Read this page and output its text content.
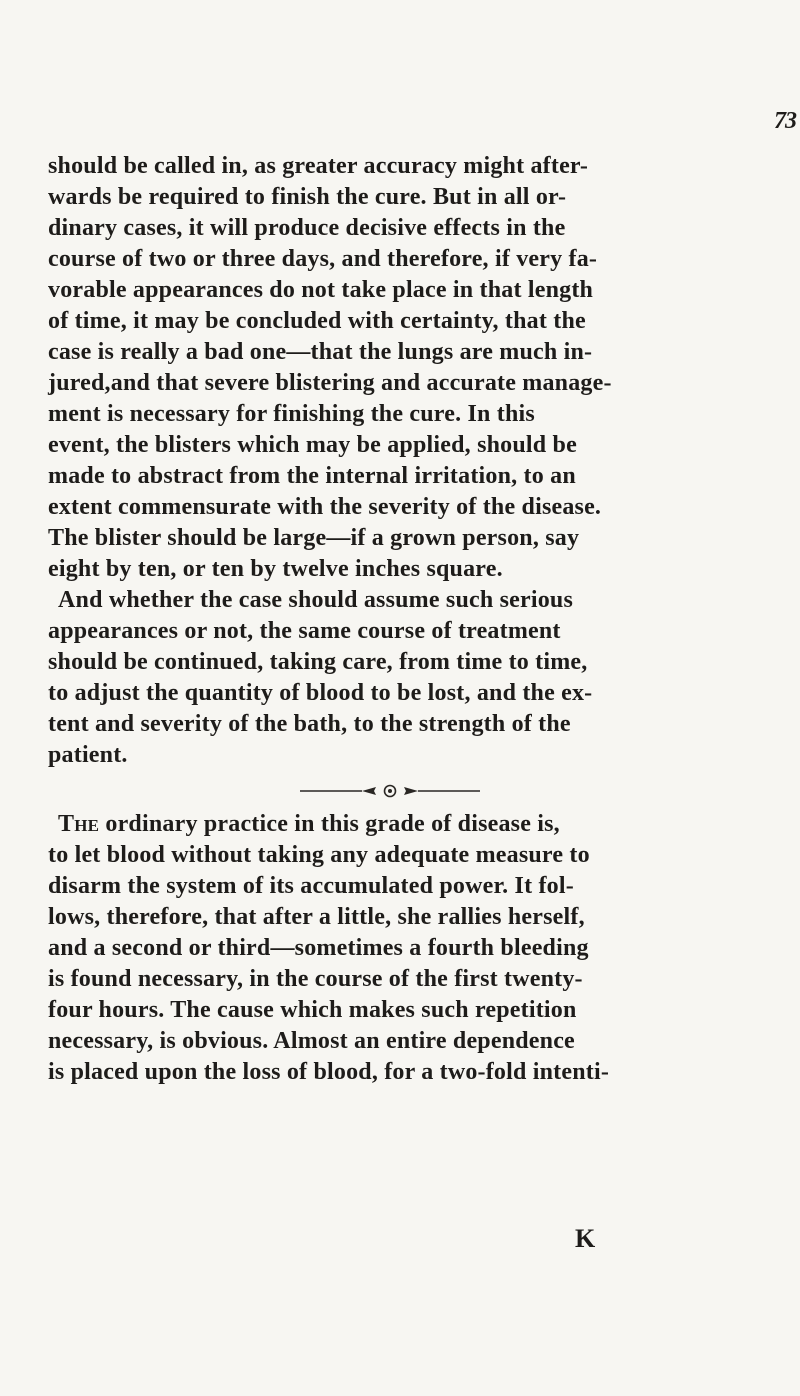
73
should be called in, as greater accuracy might after-
wards be required to finish the cure. But in all or-
dinary cases, it will produce decisive effects in the
course of two or three days, and therefore, if very fa-
vorable appearances do not take place in that length
of time, it may be concluded with certainty, that the
case is really a bad one—that the lungs are much in-
jured,and that severe blistering and accurate manage-
ment is necessary for finishing the cure. In this
event, the blisters which may be applied, should be
made to abstract from the internal irritation, to an
extent commensurate with the severity of the disease.
The blister should be large—if a grown person, say
eight by ten, or ten by twelve inches square.
And whether the case should assume such serious
appearances or not, the same course of treatment
should be continued, taking care, from time to time,
to adjust the quantity of blood to be lost, and the ex-
tent and severity of the bath, to the strength of the
patient.
The ordinary practice in this grade of disease is,
to let blood without taking any adequate measure to
disarm the system of its accumulated power. It fol-
lows, therefore, that after a little, she rallies herself,
and a second or third—sometimes a fourth bleeding
is found necessary, in the course of the first twenty-
four hours. The cause which makes such repetition
necessary, is obvious. Almost an entire dependence
is placed upon the loss of blood, for a two-fold intenti-
K
